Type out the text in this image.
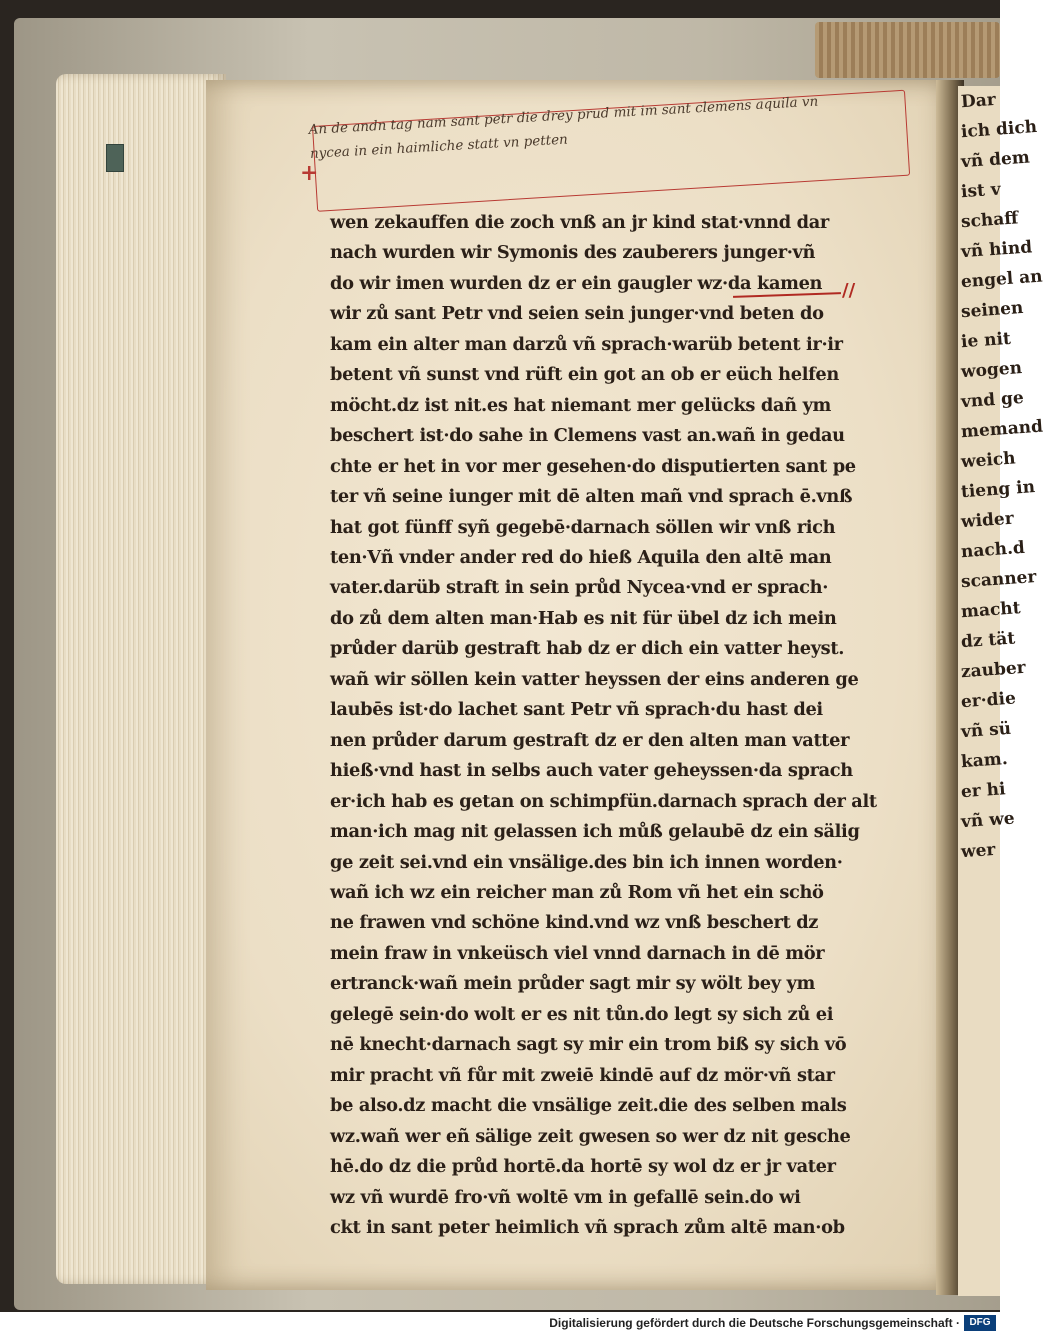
+
An de andn tag nam sant petr die drey prud mit im sant clemens aquila vn
nycea in ein haimliche statt vn petten
wen zekauffen die zoch vnß an jr kind stat·vnnd dar
nach wurden wir Symonis des zauberers junger·vñ
do wir imen wurden dz er ein gaugler wz·da kamen
wir zů sant Petr vnd seien sein junger·vnd beten do
kam ein alter man darzů vñ sprach·warüb betent ir·ir
betent vñ sunst vnd rüft ein got an ob er eüch helfen
möcht.dz ist nit.es hat niemant mer gelücks dañ ym
beschert ist·do sahe in Clemens vast an.wañ in gedau
chte er het in vor mer gesehen·do disputierten sant pe
ter vñ seine iunger mit dē alten mañ vnd sprach ē.vnß
hat got fünff syñ gegebē·darnach söllen wir vnß rich
ten·Vñ vnder ander red do hieß Aquila den altē man
vater.darüb straft in sein průd Nycea·vnd er sprach·
do zů dem alten man·Hab es nit für übel dz ich mein
průder darüb gestraft hab dz er dich ein vatter heyst.
wañ wir söllen kein vatter heyssen der eins anderen ge
laubēs ist·do lachet sant Petr vñ sprach·du hast dei
nen průder darum gestraft dz er den alten man vatter
hieß·vnd hast in selbs auch vater geheyssen·da sprach
er·ich hab es getan on schimpfün.darnach sprach der alt
man·ich mag nit gelassen ich můß gelaubē dz ein sälig
ge zeit sei.vnd ein vnsälige.des bin ich innen worden·
wañ ich wz ein reicher man zů Rom vñ het ein schö
ne frawen vnd schöne kind.vnd wz vnß beschert dz
mein fraw in vnkeüsch viel vnnd darnach in dē mör
ertranck·wañ mein průder sagt mir sy wölt bey ym
gelegē sein·do wolt er es nit tůn.do legt sy sich zů ei
nē knecht·darnach sagt sy mir ein trom biß sy sich vō
mir pracht vñ fůr mit zweiē kindē auf dz mör·vñ star
be also.dz macht die vnsälige zeit.die des selben mals
wz.wañ wer eñ sälige zeit gwesen so wer dz nit gesche
hē.do dz die průd hortē.da hortē sy wol dz er jr vater
wz vñ wurdē fro·vñ woltē vm in gefallē sein.do wi
ckt in sant peter heimlich vñ sprach zům altē man·ob
//
Dar
ich dich
vñ dem
ist v
schaff
vñ hind
engel an
seinen
ie nit
wogen
vnd ge
memand
weich
tieng in
wider
nach.d
scanner
macht
dz tät
zauber
er·die
vñ sü
kam.
er hi
vñ we
wer
Digitalisierung gefördert durch die Deutsche Forschungsgemeinschaft · DFG
